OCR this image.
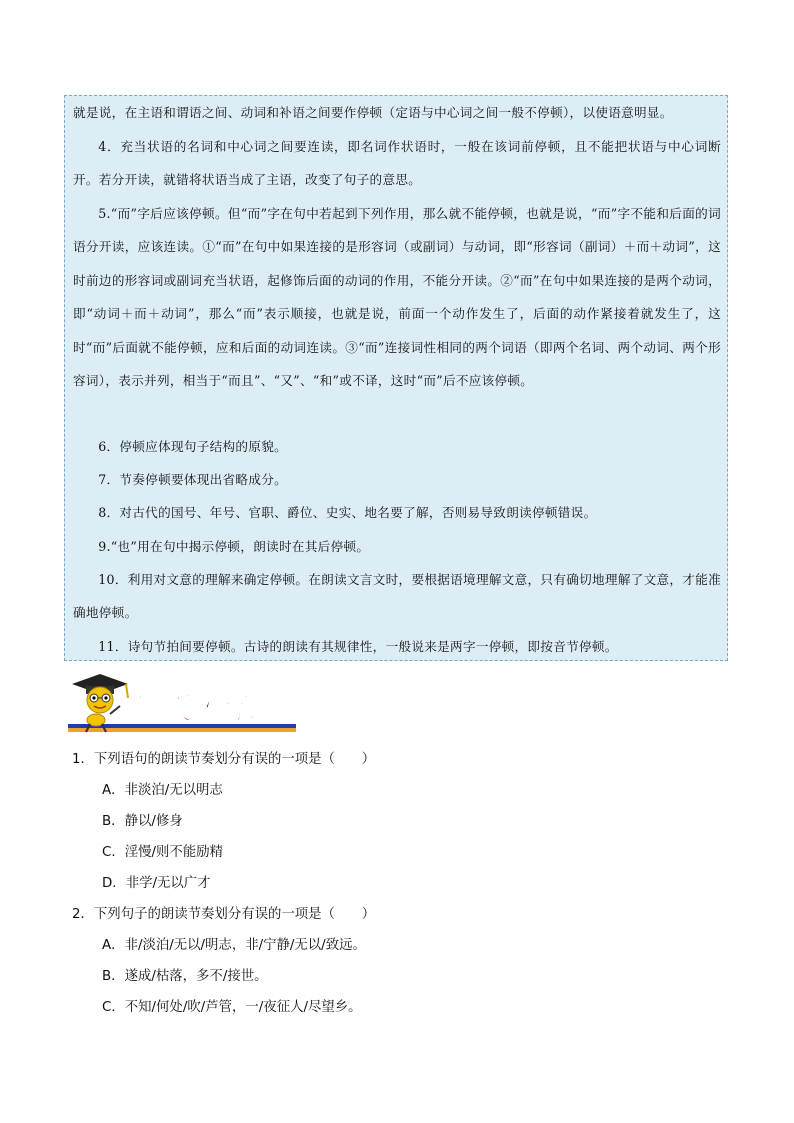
就是说，在主语和谓语之间、动词和补语之间要作停顿（定语与中心词之间一般不停顿），以使语意明显。

4．充当状语的名词和中心词之间要连读，即名词作状语时，一般在该词前停顿，且不能把状语与中心词断开。若分开读，就错将状语当成了主语，改变了句子的意思。

5.“而”字后应该停顿。但“而”字在句中若起到下列作用，那么就不能停顿，也就是说，“而”字不能和后面的词语分开读，应该连读。①“而”在句中如果连接的是形容词（或副词）与动词，即“形容词（副词）＋而＋动词”，这时前边的形容词或副词充当状语，起修饰后面的动词的作用，不能分开读。②“而”在句中如果连接的是两个动词，即“动词＋而＋动词”，那么“而”表示顺接，也就是说，前面一个动作发生了，后面的动作紧接着就发生了，这时“而”后面就不能停顿，应和后面的动词连读。③“而”连接词性相同的两个词语（即两个名词、两个动词、两个形容词），表示并列，相当于“而且”、“又”、“和”或不译，这时“而”后不应该停顿。

6．停顿应体现句子结构的原貌。

7．节奏停顿要体现出省略成分。

8．对古代的国号、年号、官职、爵位、史实、地名要了解，否则易导致朗读停顿错误。

9.“也”用在句中揭示停顿，朗读时在其后停顿。

10．利用对文意的理解来确定停顿。在朗读文言文时，要根据语境理解文意，只有确切地理解了文意，才能准确地停顿。

11．诗句节拍间要停顿。古诗的朗读有其规律性，一般说来是两字一停顿，即按音节停顿。

闯关检测

1．下列语句的朗读节奏划分有误的一项是（　　）

A．非淡泊/无以明志

B．静以/修身

C．淫慢/则不能励精

D．非学/无以广才

2．下列句子的朗读节奏划分有误的一项是（　　）

A．非/淡泊/无以/明志，非/宁静/无以/致远。

B．遂成/枯落，多不/接世。

C．不知/何处/吹/芦管，一/夜征人/尽望乡。
